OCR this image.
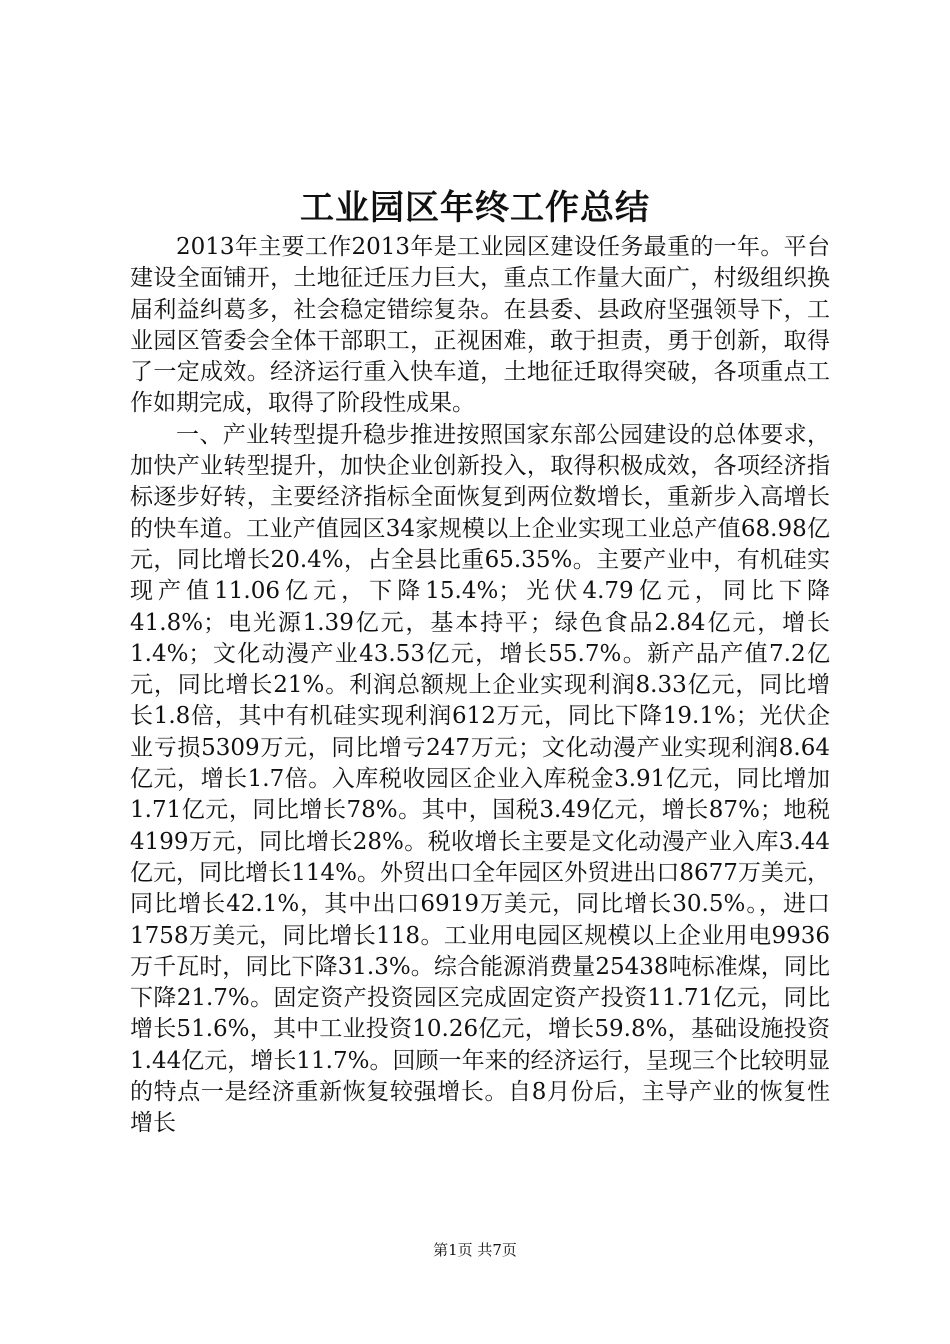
工业园区年终工作总结

2013年主要工作2013年是工业园区建设任务最重的一年。平台建设全面铺开，土地征迁压力巨大，重点工作量大面广，村级组织换届利益纠葛多，社会稳定错综复杂。在县委、县政府坚强领导下，工业园区管委会全体干部职工，正视困难，敢于担责，勇于创新，取得了一定成效。经济运行重入快车道，土地征迁取得突破，各项重点工作如期完成，取得了阶段性成果。

一、产业转型提升稳步推进按照国家东部公园建设的总体要求，加快产业转型提升，加快企业创新投入，取得积极成效，各项经济指标逐步好转，主要经济指标全面恢复到两位数增长，重新步入高增长的快车道。工业产值园区34家规模以上企业实现工业总产值68.98亿元，同比增长20.4%，占全县比重65.35%。主要产业中，有机硅实现产值11.06亿元，下降15.4%；光伏4.79亿元，同比下降41.8%；电光源1.39亿元，基本持平；绿色食品2.84亿元，增长1.4%；文化动漫产业43.53亿元，增长55.7%。新产品产值7.2亿元，同比增长21%。利润总额规上企业实现利润8.33亿元，同比增长1.8倍，其中有机硅实现利润612万元，同比下降19.1%；光伏企业亏损5309万元，同比增亏247万元；文化动漫产业实现利润8.64亿元，增长1.7倍。入库税收园区企业入库税金3.91亿元，同比增加1.71亿元，同比增长78%。其中，国税3.49亿元，增长87%；地税4199万元，同比增长28%。税收增长主要是文化动漫产业入库3.44亿元，同比增长114%。外贸出口全年园区外贸进出口8677万美元，同比增长42.1%，其中出口6919万美元，同比增长30.5%。，进口1758万美元，同比增长118。工业用电园区规模以上企业用电9936万千瓦时，同比下降31.3%。综合能源消费量25438吨标准煤，同比下降21.7%。固定资产投资园区完成固定资产投资11.71亿元，同比增长51.6%，其中工业投资10.26亿元，增长59.8%，基础设施投资1.44亿元，增长11.7%。回顾一年来的经济运行，呈现三个比较明显的特点一是经济重新恢复较强增长。自8月份后，主导产业的恢复性增长

第1页 共7页
